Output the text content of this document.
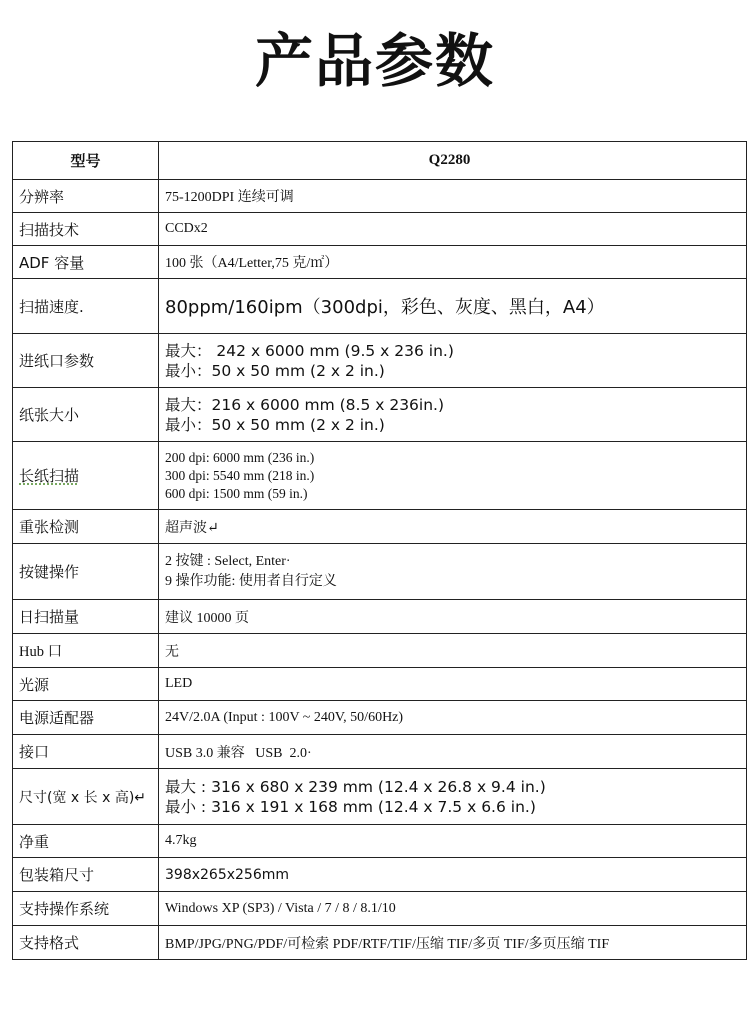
产品参数
型号	Q2280
分辨率	75-1200DPI 连续可调

扫描技术	CCDx2

ADF 容量	100 张（A4/Letter,75 克/㎡）

扫描速度.	80ppm/160ipm（300dpi，彩色、灰度、黑白，A4）

进纸口参数	最大： 242 x 6000 mm (9.5 x 236 in.)
最小：50 x 50 mm (2 x 2 in.)

纸张大小	最大：216 x 6000 mm (8.5 x 236in.)
最小：50 x 50 mm (2 x 2 in.)

长纸扫描	200 dpi: 6000 mm (236 in.)
300 dpi: 5540 mm (218 in.)
600 dpi: 1500 mm (59 in.)

重张检测	超声波↵

按键操作	2 按键 : Select, Enter·
9 操作功能: 使用者自行定义

日扫描量	建议 10000 页

Hub 口	无

光源	LED

电源适配器	24V/2.0A (Input : 100V ~ 240V, 50/60Hz)

接口	USB 3.0 兼容   USB  2.0·

尺寸(宽 x 长 x 高)↵	最大 : 316 x 680 x 239 mm (12.4 x 26.8 x 9.4 in.)
最小 : 316 x 191 x 168 mm (12.4 x 7.5 x 6.6 in.)

净重	4.7kg

包装箱尺寸	398x265x256mm

支持操作系统	Windows XP (SP3) / Vista / 7 / 8 / 8.1/10

支持格式	BMP/JPG/PNG/PDF/可检索 PDF/RTF/TIF/压缩 TIF/多页 TIF/多页压缩 TIF
